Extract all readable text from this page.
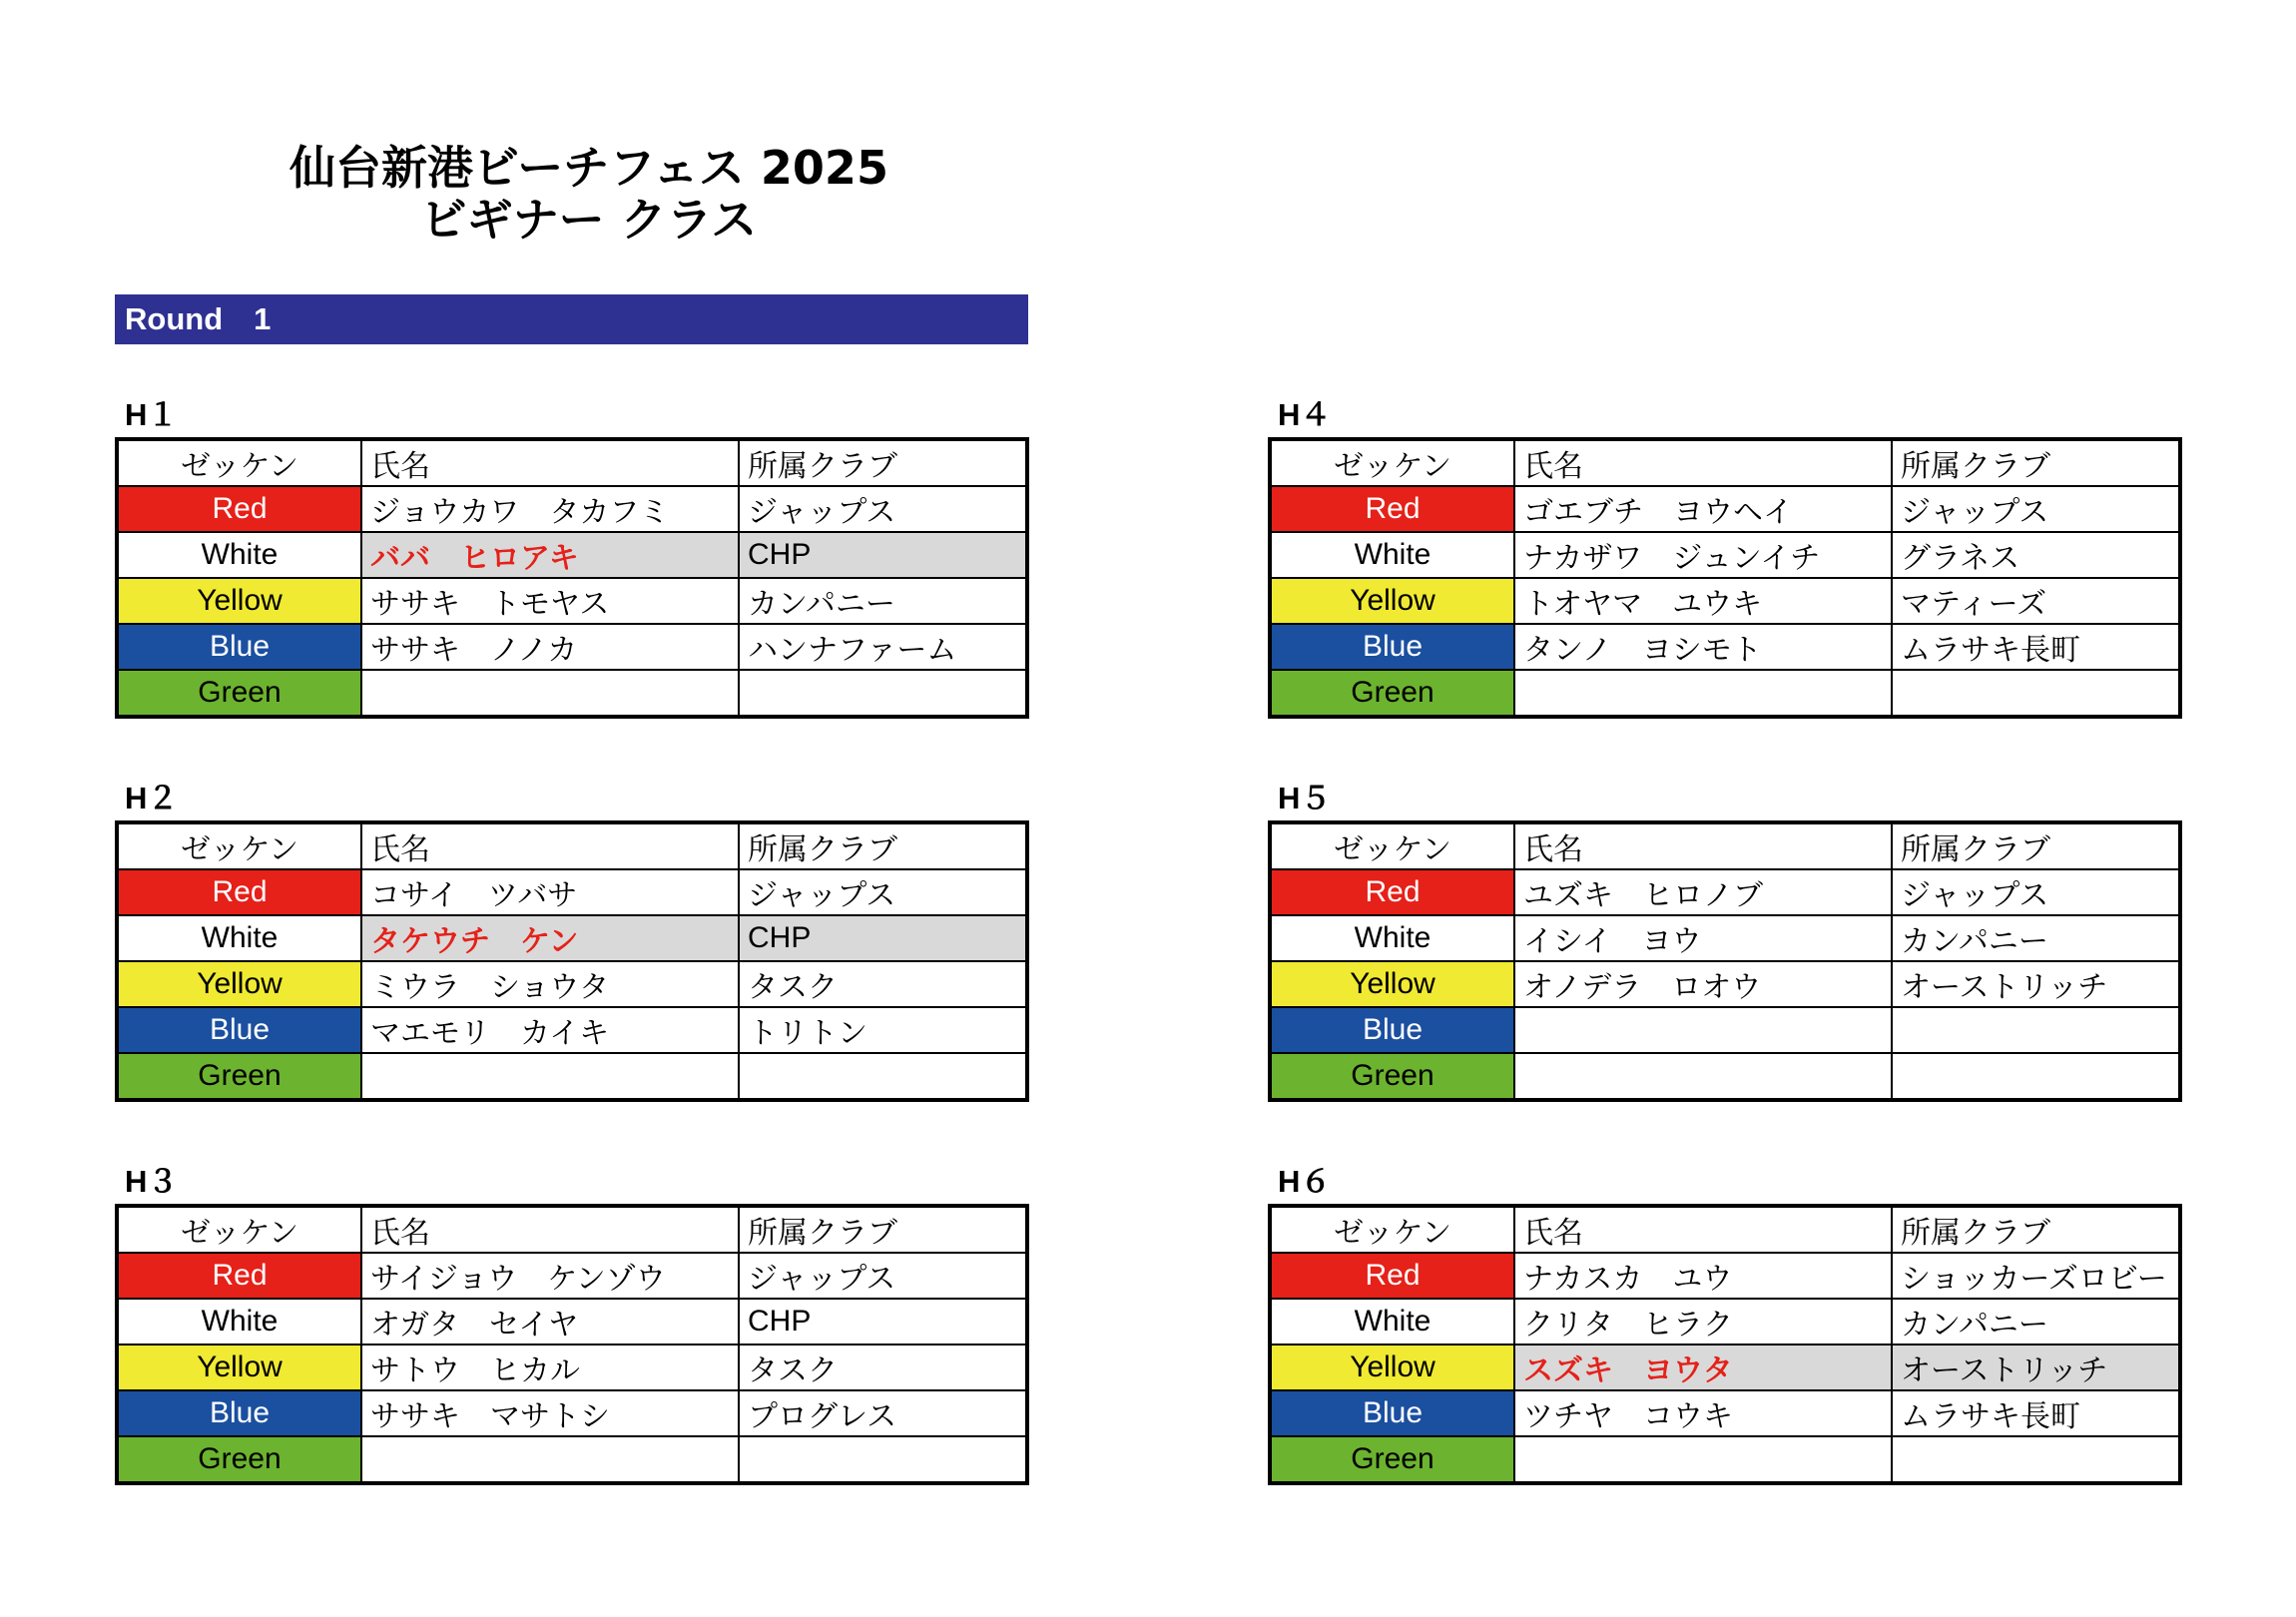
仙台新港ビーチフェス 2025
ビギナー クラス
Round　1
H１
ゼッケン	氏名	所属クラブ
Red	ジョウカワ　タカフミ	ジャップス
White	ババ　ヒロアキ	CHP
Yellow	ササキ　トモヤス	カンパニー
Blue	ササキ　ノノカ	ハンナファーム
Green		
H２
ゼッケン	氏名	所属クラブ
Red	コサイ　ツバサ	ジャップス
White	タケウチ　ケン	CHP
Yellow	ミウラ　ショウタ	タスク
Blue	マエモリ　カイキ	トリトン
Green		
H３
ゼッケン	氏名	所属クラブ
Red	サイジョウ　ケンゾウ	ジャップス
White	オガタ　セイヤ	CHP
Yellow	サトウ　ヒカル	タスク
Blue	ササキ　マサトシ	プログレス
Green		
H４
ゼッケン	氏名	所属クラブ
Red	ゴエブチ　ヨウヘイ	ジャップス
White	ナカザワ　ジュンイチ	グラネス
Yellow	トオヤマ　ユウキ	マティーズ
Blue	タンノ　ヨシモト	ムラサキ長町
Green		
H５
ゼッケン	氏名	所属クラブ
Red	ユズキ　ヒロノブ	ジャップス
White	イシイ　ヨウ	カンパニー
Yellow	オノデラ　ロオウ	オーストリッチ
Blue		
Green		
H６
ゼッケン	氏名	所属クラブ
Red	ナカスカ　ユウ	ショッカーズロビー
White	クリタ　ヒラク	カンパニー
Yellow	スズキ　ヨウタ	オーストリッチ
Blue	ツチヤ　コウキ	ムラサキ長町
Green		
